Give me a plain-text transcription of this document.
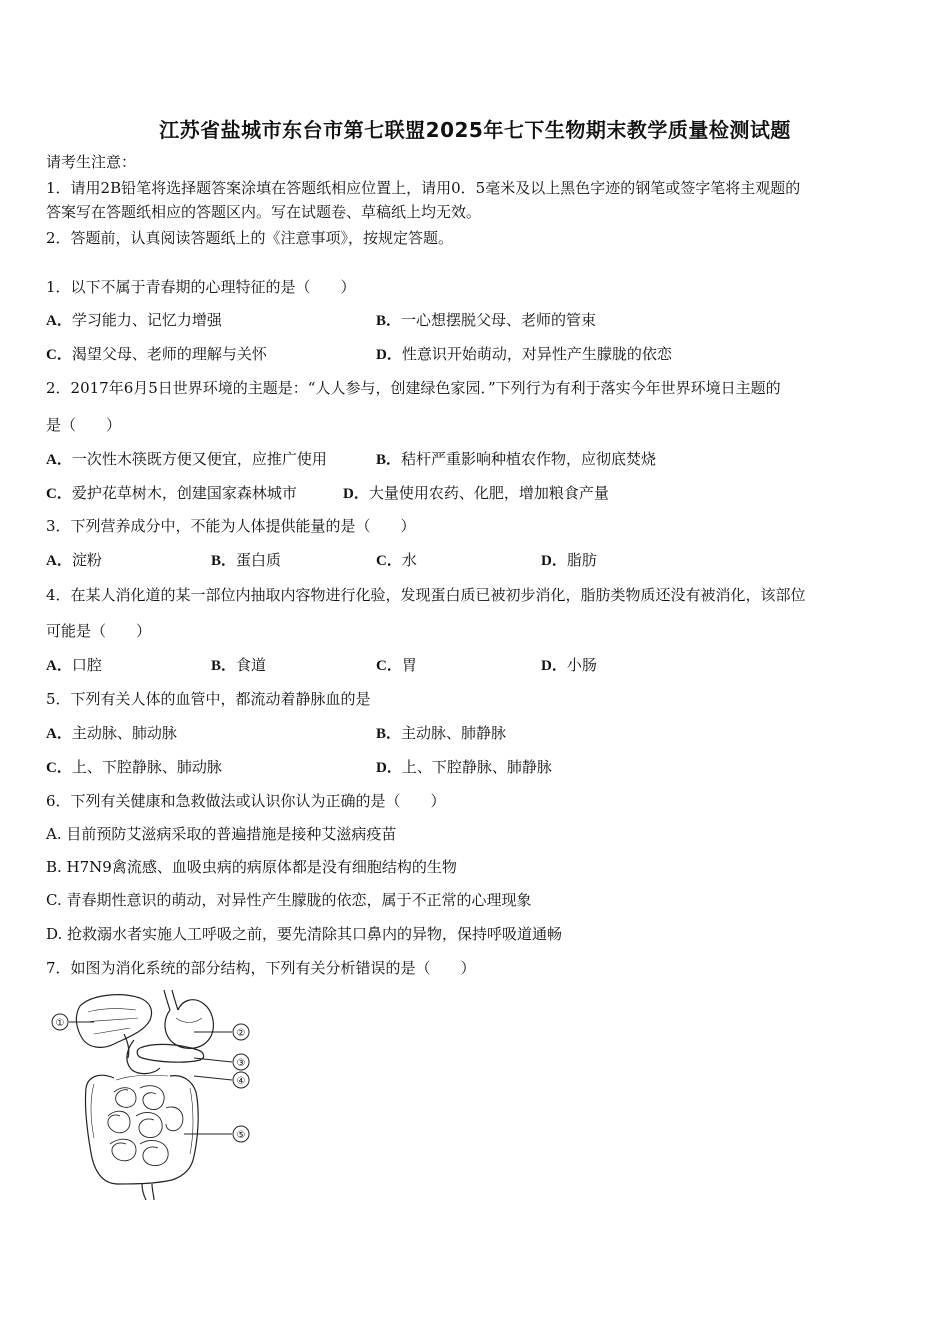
江苏省盐城市东台市第七联盟2025年七下生物期末教学质量检测试题
请考生注意：
1．请用2B铅笔将选择题答案涂填在答题纸相应位置上，请用0．5毫米及以上黑色字迹的钢笔或签字笔将主观题的
答案写在答题纸相应的答题区内。写在试题卷、草稿纸上均无效。
2．答题前，认真阅读答题纸上的《注意事项》，按规定答题。
1．以下不属于青春期的心理特征的是（　　）
A．学习能力、记忆力增强	B．一心想摆脱父母、老师的管束
C．渴望父母、老师的理解与关怀	D．性意识开始萌动，对异性产生朦胧的依恋
2．2017年6月5日世界环境的主题是：“人人参与，创建绿色家园．”下列行为有利于落实今年世界环境日主题的
是（　　）
A．一次性木筷既方便又便宜，应推广使用	B．秸杆严重影响种植农作物，应彻底焚烧
C．爱护花草树木，创建国家森林城市	D．大量使用农药、化肥，增加粮食产量
3．下列营养成分中，不能为人体提供能量的是（　　）
A．淀粉	B．蛋白质	C．水	D．脂肪
4．在某人消化道的某一部位内抽取内容物进行化验，发现蛋白质已被初步消化，脂肪类物质还没有被消化，该部位
可能是（　　）
A．口腔	B．食道	C．胃	D．小肠
5．下列有关人体的血管中，都流动着静脉血的是
A．主动脉、肺动脉	B．主动脉、肺静脉
C．上、下腔静脉、肺动脉	D．上、下腔静脉、肺静脉
6．下列有关健康和急救做法或认识你认为正确的是（　　）
A. 目前预防艾滋病采取的普遍措施是接种艾滋病疫苗
B. H7N9禽流感、血吸虫病的病原体都是没有细胞结构的生物
C. 青春期性意识的萌动，对异性产生朦胧的依恋，属于不正常的心理现象
D. 抢救溺水者实施人工呼吸之前，要先清除其口鼻内的异物，保持呼吸道通畅
7．如图为消化系统的部分结构，下列有关分析错误的是（　　）
①
②
③
④
⑤
